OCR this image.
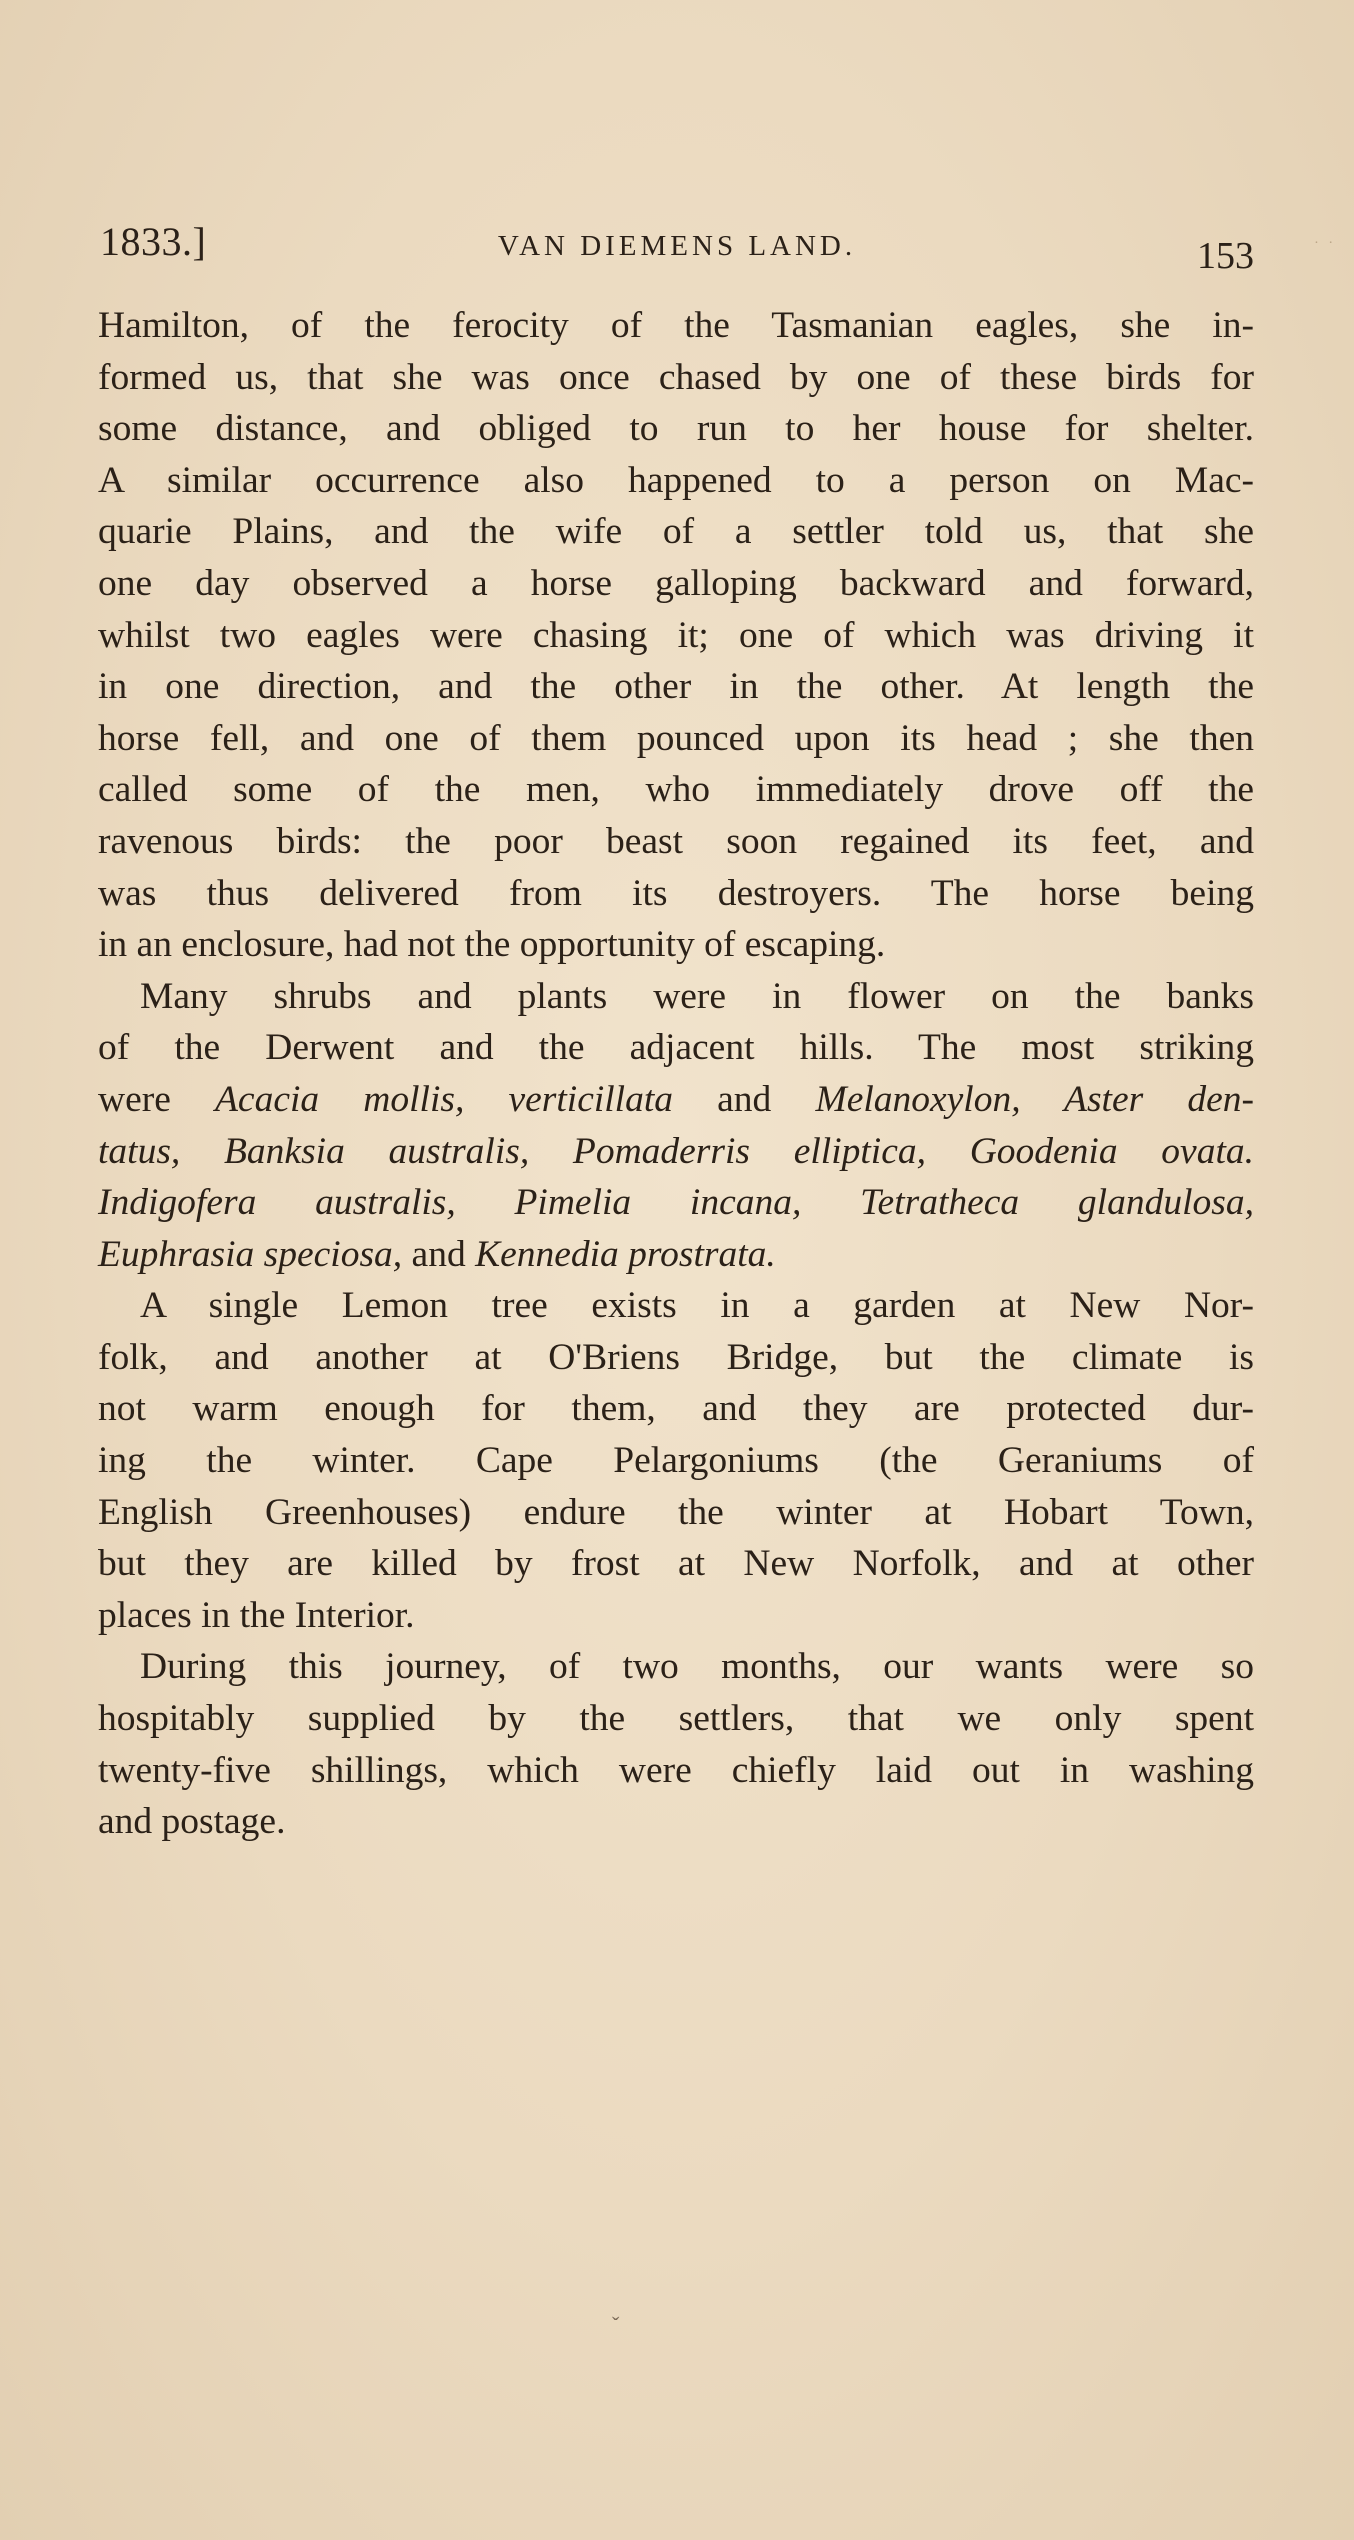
1833.]	VAN DIEMENS LAND.	153	· ·
Hamilton, of the ferocity of the Tasmanian eagles, she in-
formed us, that she was once chased by one of these birds for
some distance, and obliged to run to her house for shelter.
A similar occurrence also happened to a person on Mac-
quarie Plains, and the wife of a settler told us, that she
one day observed a horse galloping backward and forward,
whilst two eagles were chasing it; one of which was driving it
in one direction, and the other in the other. At length the
horse fell, and one of them pounced upon its head ; she then
called some of the men, who immediately drove off the
ravenous birds: the poor beast soon regained its feet, and
was thus delivered from its destroyers. The horse being
in an enclosure, had not the opportunity of escaping.
Many shrubs and plants were in flower on the banks
of the Derwent and the adjacent hills. The most striking
were Acacia mollis, verticillata and Melanoxylon, Aster den-
tatus, Banksia australis, Pomaderris elliptica, Goodenia ovata.
Indigofera australis, Pimelia incana, Tetratheca glandulosa,
Euphrasia speciosa, and Kennedia prostrata.
A single Lemon tree exists in a garden at New Nor-
folk, and another at O'Briens Bridge, but the climate is
not warm enough for them, and they are protected dur-
ing the winter. Cape Pelargoniums (the Geraniums of
English Greenhouses) endure the winter at Hobart Town,
but they are killed by frost at New Norfolk, and at other
places in the Interior.
During this journey, of two months, our wants were so
hospitably supplied by the settlers, that we only spent
twenty-five shillings, which were chiefly laid out in washing
and postage.
ˇ
